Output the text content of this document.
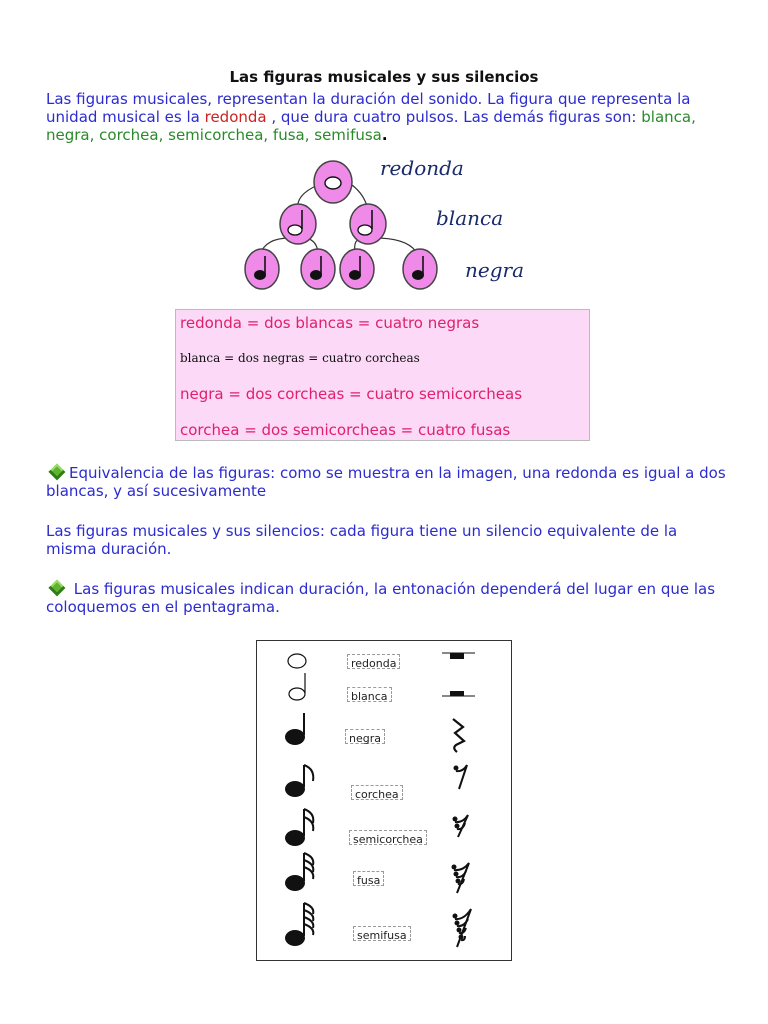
Las figuras musicales y sus silencios
Las figuras musicales, representan la duración del sonido. La figura que representa la unidad musical es la redonda , que dura cuatro pulsos. Las demás figuras son: blanca, negra, corchea, semicorchea, fusa, semifusa.
redonda
blanca
negra
redonda = dos blancas = cuatro negras
blanca = dos negras = cuatro corcheas
negra = dos corcheas = cuatro semicorcheas
corchea = dos semicorcheas = cuatro fusas
Equivalencia de las figuras: como se muestra en la imagen, una redonda es igual a dos blancas, y así sucesivamente
Las figuras musicales y sus silencios: cada figura tiene un silencio equivalente de la misma duración.
Las figuras musicales indican duración, la entonación dependerá del lugar en que las coloquemos en el pentagrama.
redonda
blanca
negra
corchea
semicorchea
fusa
semifusa
